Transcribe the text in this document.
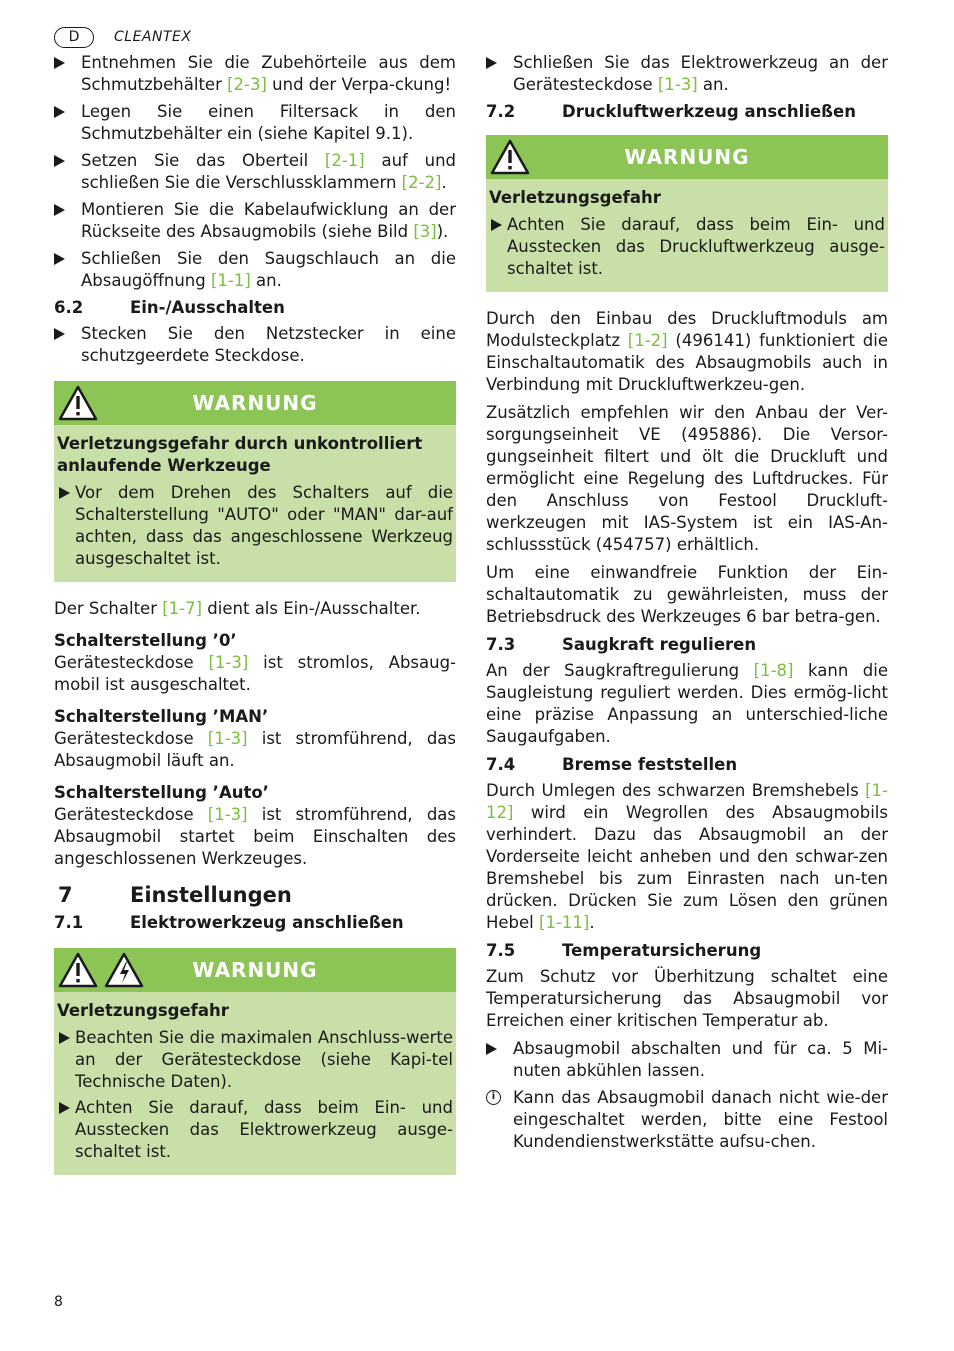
D	CLEANTEX
Entnehmen Sie die Zubehörteile aus dem Schmutzbehälter [2-3] und der Verpa-ckung!
Legen Sie einen Filtersack in den Schmutzbehälter ein (siehe Kapitel 9.1).
Setzen Sie das Oberteil [2-1] auf und schließen Sie die Verschlussklammern [2-2].
Montieren Sie die Kabelaufwicklung an der Rückseite des Absaugmobils (siehe Bild [3]).
Schließen Sie den Saugschlauch an die Absaugöffnung [1-1] an.
6.2	Ein-/Ausschalten
Stecken Sie den Netzstecker in eine schutzgeerdete Steckdose.
WARNUNG
Verletzungsgefahr durch unkontrolliert anlaufende Werkzeuge
Vor dem Drehen des Schalters auf die Schalterstellung "AUTO" oder "MAN" dar-auf achten, dass das angeschlossene Werkzeug ausgeschaltet ist.
Der Schalter [1-7] dient als Ein-/Ausschalter.
Schalterstellung ’0’
Gerätesteckdose [1-3] ist stromlos, Absaug-mobil ist ausgeschaltet.
Schalterstellung ’MAN’
Gerätesteckdose [1-3] ist stromführend, das Absaugmobil läuft an.
Schalterstellung ’Auto’
Gerätesteckdose [1-3] ist stromführend, das Absaugmobil startet beim Einschalten des angeschlossenen Werkzeuges.
7	Einstellungen
7.1	Elektrowerkzeug anschließen
WARNUNG
Verletzungsgefahr
Beachten Sie die maximalen Anschluss-werte an der Gerätesteckdose (siehe Kapi-tel Technische Daten).
Achten Sie darauf, dass beim Ein- und Ausstecken das Elektrowerkzeug ausge-schaltet ist.
Schließen Sie das Elektrowerkzeug an der Gerätesteckdose [1-3] an.
7.2	Druckluftwerkzeug anschließen
WARNUNG
Verletzungsgefahr
Achten Sie darauf, dass beim Ein- und Ausstecken das Druckluftwerkzeug ausge-schaltet ist.
Durch den Einbau des Druckluftmoduls am Modulsteckplatz [1-2] (496141) funktioniert die Einschaltautomatik des Absaugmobils auch in Verbindung mit Druckluftwerkzeu-gen.
Zusätzlich empfehlen wir den Anbau der Ver-sorgungseinheit VE (495886). Die Versor-gungseinheit filtert und ölt die Druckluft und ermöglicht eine Regelung des Luftdruckes. Für den Anschluss von Festool Druckluft-werkzeugen mit IAS-System ist ein IAS-An-schlussstück (454757) erhältlich.
Um eine einwandfreie Funktion der Ein-schaltautomatik zu gewährleisten, muss der Betriebsdruck des Werkzeuges 6 bar betra-gen.
7.3	Saugkraft regulieren
An der Saugkraftregulierung [1-8] kann die Saugleistung reguliert werden. Dies ermög-licht eine präzise Anpassung an unterschied-liche Saugaufgaben.
7.4	Bremse feststellen
Durch Umlegen des schwarzen Bremshebels [1-12] wird ein Wegrollen des Absaugmobils verhindert. Dazu das Absaugmobil an der Vorderseite leicht anheben und den schwar-zen Bremshebel bis zum Einrasten nach un-ten drücken. Drücken Sie zum Lösen den grünen Hebel [1-11].
7.5	Temperatursicherung
Zum Schutz vor Überhitzung schaltet eine Temperatursicherung das Absaugmobil vor Erreichen einer kritischen Temperatur ab.
Absaugmobil abschalten und für ca. 5 Mi-nuten abkühlen lassen.
i	Kann das Absaugmobil danach nicht wie-der eingeschaltet werden, bitte eine Festool Kundendienstwerkstätte aufsu-chen.
8
